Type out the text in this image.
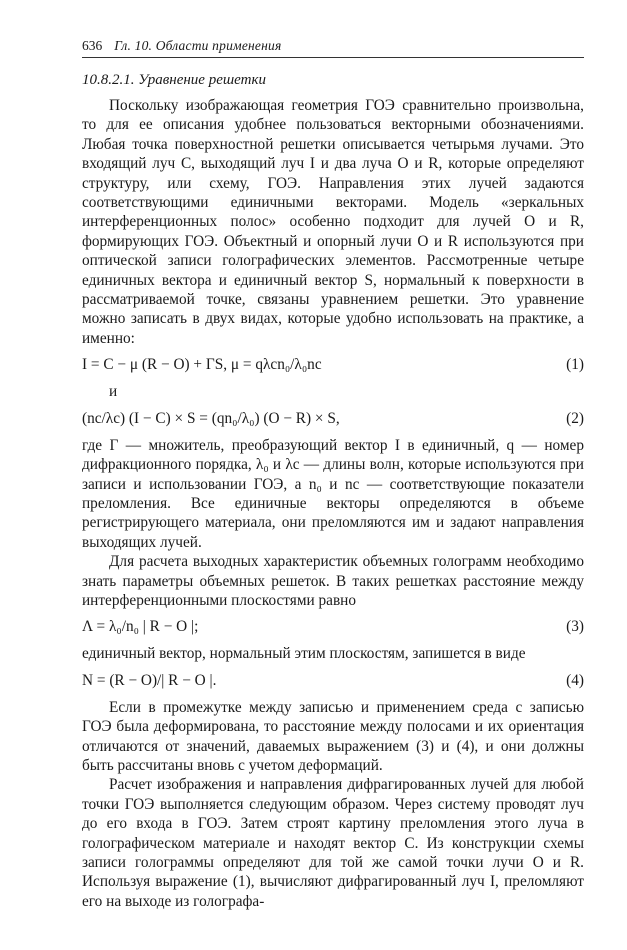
636 Гл. 10. Области применения
10.8.2.1. Уравнение решетки

Поскольку изображающая геометрия ГОЭ сравнительно произвольна, то для ее описания удобнее пользоваться векторными обозначениями. Любая точка поверхностной решетки описывается четырьмя лучами. Это входящий луч C, выходящий луч I и два луча O и R, которые определяют структуру, или схему, ГОЭ. Направления этих лучей задаются соответствующими единичными векторами. Модель «зеркальных интерференционных полос» особенно подходит для лучей O и R, формирующих ГОЭ. Объектный и опорный лучи O и R используются при оптической записи голографических элементов. Рассмотренные четыре единичных вектора и единичный вектор S, нормальный к поверхности в рассматриваемой точке, связаны уравнением решетки. Это уравнение можно записать в двух видах, которые удобно использовать на практике, а именно:

I = C − μ (R − O) + ΓS, μ = qλcn₀/λ₀nc	(1)

и

(nc/λc) (I − C) × S = (qn₀/λ₀) (O − R) × S,	(2)

где Γ — множитель, преобразующий вектор I в единичный, q — номер дифракционного порядка, λ₀ и λc — длины волн, которые используются при записи и использовании ГОЭ, а n₀ и nc — соответствующие показатели преломления. Все единичные векторы определяются в объеме регистрирующего материала, они преломляются им и задают направления выходящих лучей.

Для расчета выходных характеристик объемных голограмм необходимо знать параметры объемных решеток. В таких решетках расстояние между интерференционными плоскостями равно

Λ = λ₀/n₀ | R − O |;	(3)

единичный вектор, нормальный этим плоскостям, запишется в виде

N = (R − O)/| R − O |.	(4)

Если в промежутке между записью и применением среда с записью ГОЭ была деформирована, то расстояние между полосами и их ориентация отличаются от значений, даваемых выражением (3) и (4), и они должны быть рассчитаны вновь с учетом деформаций.

Расчет изображения и направления дифрагированных лучей для любой точки ГОЭ выполняется следующим образом. Через систему проводят луч до его входа в ГОЭ. Затем строят картину преломления этого луча в голографическом материале и находят вектор C. Из конструкции схемы записи голограммы определяют для той же самой точки лучи O и R. Используя выражение (1), вычисляют дифрагированный луч I, преломляют его на выходе из голографа-
